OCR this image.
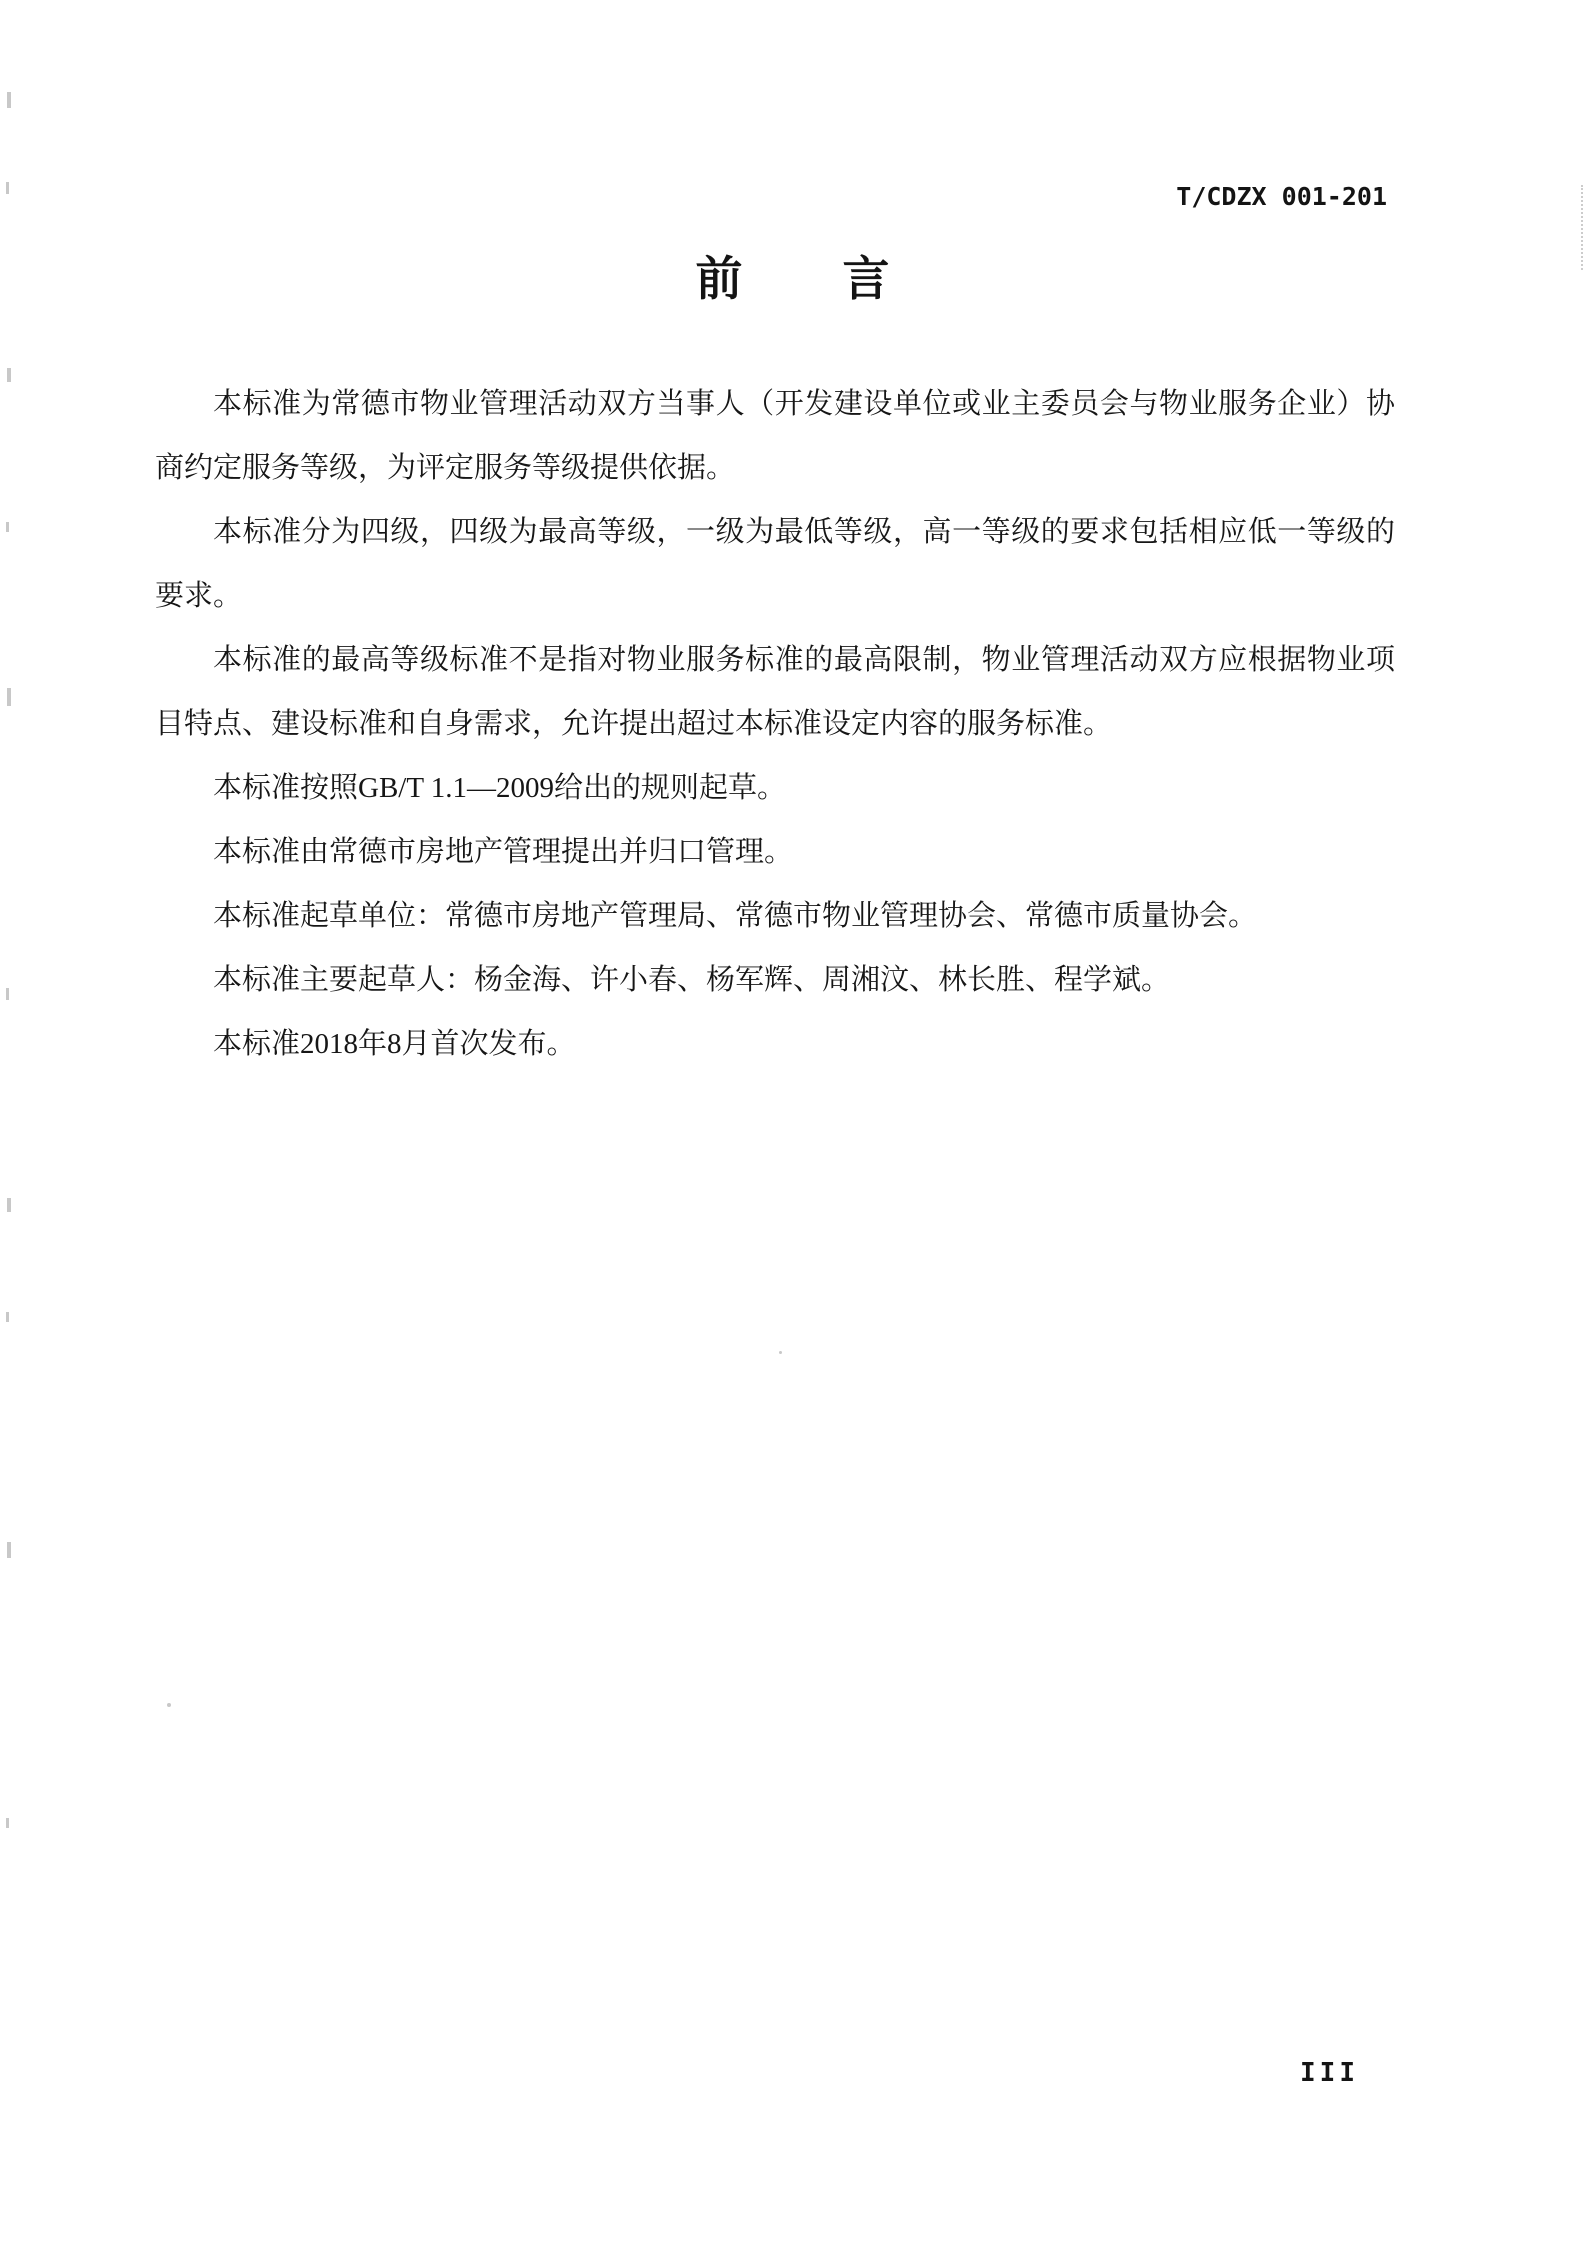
T/CDZX 001-201
前　　言

本标准为常德市物业管理活动双方当事人（开发建设单位或业主委员会与物业服务企业）协商约定服务等级，为评定服务等级提供依据。

本标准分为四级，四级为最高等级，一级为最低等级，高一等级的要求包括相应低一等级的要求。

本标准的最高等级标准不是指对物业服务标准的最高限制，物业管理活动双方应根据物业项目特点、建设标准和自身需求，允许提出超过本标准设定内容的服务标准。

本标准按照GB/T 1.1—2009给出的规则起草。

本标准由常德市房地产管理提出并归口管理。

本标准起草单位：常德市房地产管理局、常德市物业管理协会、常德市质量协会。

本标准主要起草人：杨金海、许小春、杨军辉、周湘汶、林长胜、程学斌。

本标准2018年8月首次发布。

III
